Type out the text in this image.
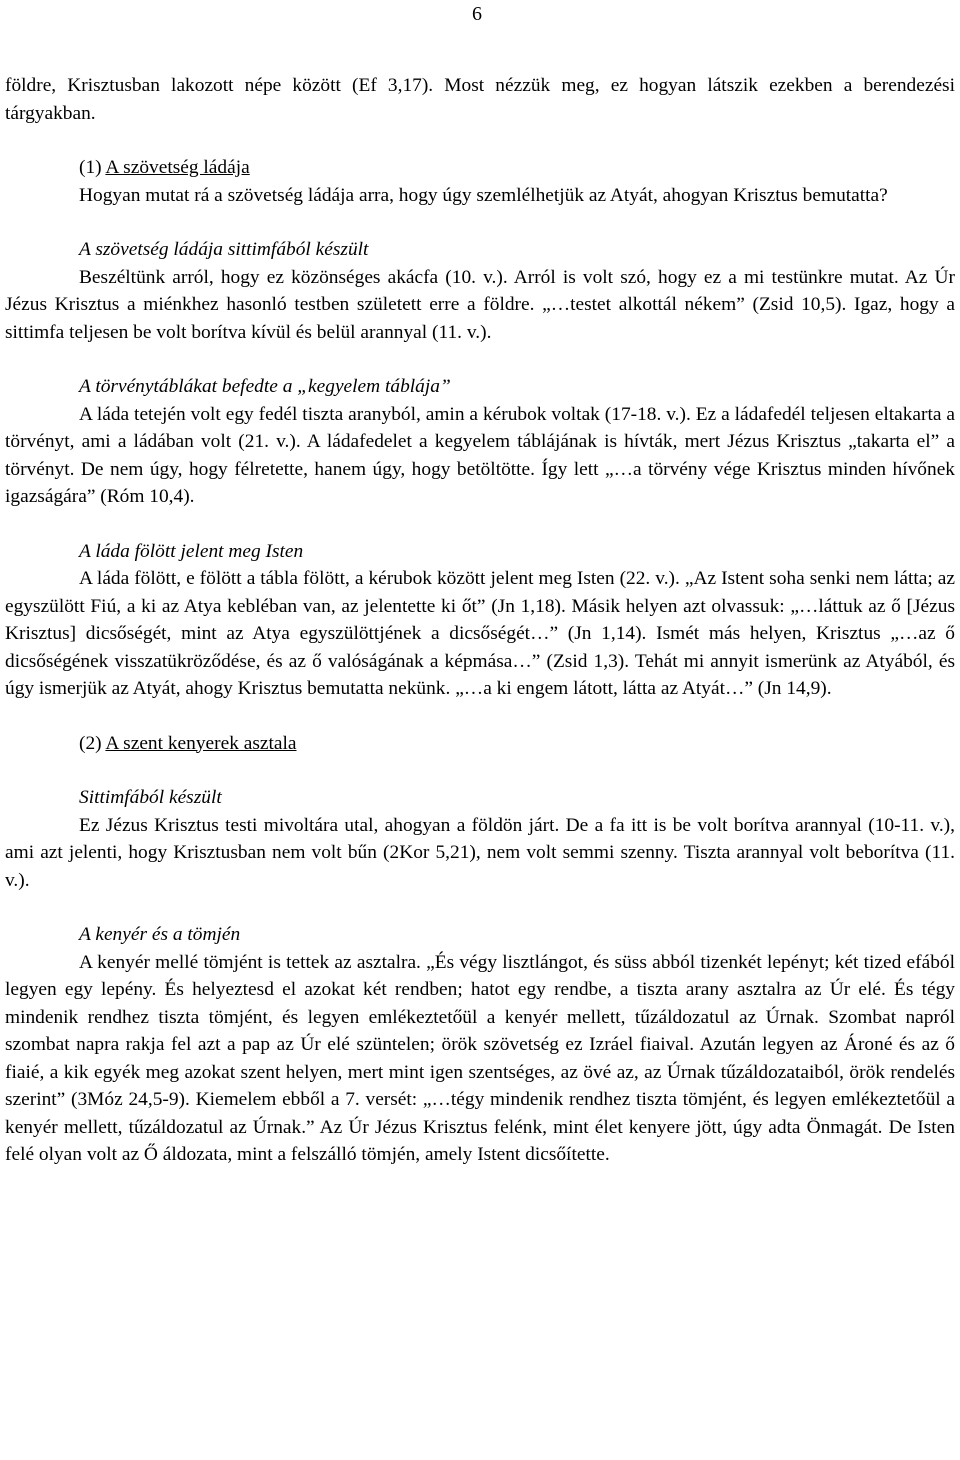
6

földre, Krisztusban lakozott népe között (Ef 3,17). Most nézzük meg, ez hogyan látszik ezekben a berendezési tárgyakban.

(1) A szövetség ládája

Hogyan mutat rá a szövetség ládája arra, hogy úgy szemlélhetjük az Atyát, ahogyan Krisztus bemutatta?

A szövetség ládája sittimfából készült

Beszéltünk arról, hogy ez közönséges akácfa (10. v.). Arról is volt szó, hogy ez a mi testünkre mutat. Az Úr Jézus Krisztus a miénkhez hasonló testben született erre a földre. „…testet alkottál nékem” (Zsid 10,5). Igaz, hogy a sittimfa teljesen be volt borítva kívül és belül arannyal (11. v.).

A törvénytáblákat befedte a „kegyelem táblája”

A láda tetején volt egy fedél tiszta aranyból, amin a kérubok voltak (17-18. v.). Ez a ládafedél teljesen eltakarta a törvényt, ami a ládában volt (21. v.). A ládafedelet a kegyelem táblájának is hívták, mert Jézus Krisztus „takarta el” a törvényt. De nem úgy, hogy félretette, hanem úgy, hogy betöltötte. Így lett „…a törvény vége Krisztus minden hívőnek igazságára” (Róm 10,4).

A láda fölött jelent meg Isten

A láda fölött, e fölött a tábla fölött, a kérubok között jelent meg Isten (22. v.). „Az Istent soha senki nem látta; az egyszülött Fiú, a ki az Atya kebléban van, az jelentette ki őt” (Jn 1,18). Másik helyen azt olvassuk: „…láttuk az ő [Jézus Krisztus] dicsőségét, mint az Atya egyszülöttjének a dicsőségét…” (Jn 1,14). Ismét más helyen, Krisztus „…az ő dicsőségének visszatükröződése, és az ő valóságának a képmása…” (Zsid 1,3). Tehát mi annyit ismerünk az Atyából, és úgy ismerjük az Atyát, ahogy Krisztus bemutatta nekünk. „…a ki engem látott, látta az Atyát…” (Jn 14,9).

(2) A szent kenyerek asztala

Sittimfából készült

Ez Jézus Krisztus testi mivoltára utal, ahogyan a földön járt. De a fa itt is be volt borítva arannyal (10-11. v.), ami azt jelenti, hogy Krisztusban nem volt bűn (2Kor 5,21), nem volt semmi szenny. Tiszta arannyal volt beborítva (11. v.).

A kenyér és a tömjén

A kenyér mellé tömjént is tettek az asztalra. „És végy lisztlángot, és süss abból tizenkét lepényt; két tized efából legyen egy lepény. És helyeztesd el azokat két rendben; hatot egy rendbe, a tiszta arany asztalra az Úr elé. És tégy mindenik rendhez tiszta tömjént, és legyen emlékeztetőül a kenyér mellett, tűzáldozatul az Úrnak. Szombat napról szombat napra rakja fel azt a pap az Úr elé szüntelen; örök szövetség ez Izráel fiaival. Azután legyen az Ároné és az ő fiaié, a kik egyék meg azokat szent helyen, mert mint igen szentséges, az övé az, az Úrnak tűzáldozataiból, örök rendelés szerint” (3Móz 24,5-9). Kiemelem ebből a 7. versét: „…tégy mindenik rendhez tiszta tömjént, és legyen emlékeztetőül a kenyér mellett, tűzáldozatul az Úrnak.” Az Úr Jézus Krisztus felénk, mint élet kenyere jött, úgy adta Önmagát. De Isten felé olyan volt az Ő áldozata, mint a felszálló tömjén, amely Istent dicsőítette.
